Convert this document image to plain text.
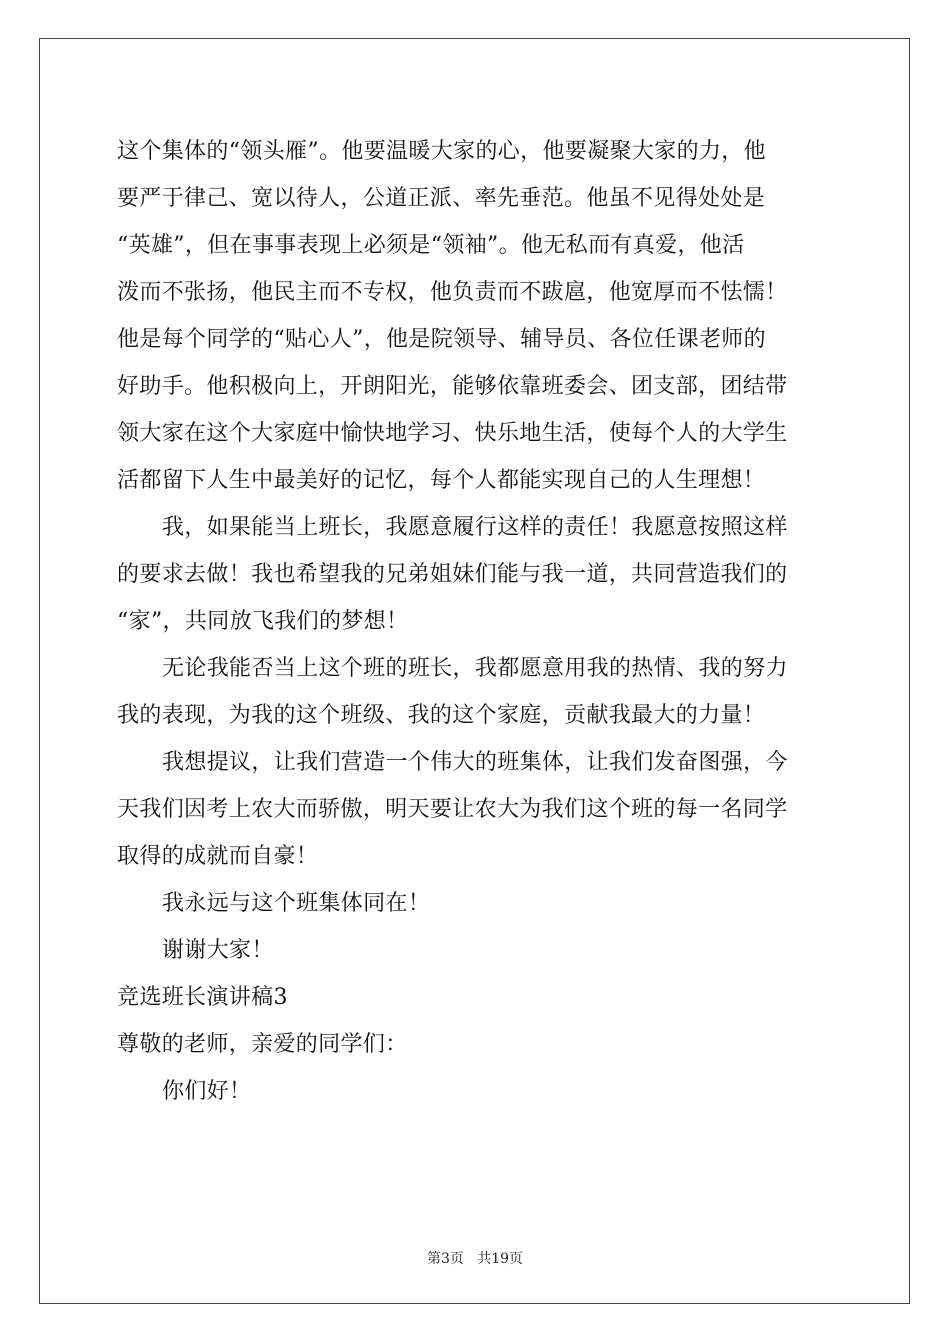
这个集体的“领头雁”。他要温暖大家的心，他要凝聚大家的力，他
要严于律己、宽以待人，公道正派、率先垂范。他虽不见得处处是
“英雄”，但在事事表现上必须是“领袖”。他无私而有真爱，他活
泼而不张扬，他民主而不专权，他负责而不跋扈，他宽厚而不怯懦！
他是每个同学的“贴心人”，他是院领导、辅导员、各位任课老师的
好助手。他积极向上，开朗阳光，能够依靠班委会、团支部，团结带
领大家在这个大家庭中愉快地学习、快乐地生活，使每个人的大学生
活都留下人生中最美好的记忆，每个人都能实现自己的人生理想！
我，如果能当上班长，我愿意履行这样的责任！我愿意按照这样
的要求去做！我也希望我的兄弟姐妹们能与我一道，共同营造我们的
“家”，共同放飞我们的梦想！
无论我能否当上这个班的班长，我都愿意用我的热情、我的努力
我的表现，为我的这个班级、我的这个家庭，贡献我最大的力量！
我想提议，让我们营造一个伟大的班集体，让我们发奋图强，今
天我们因考上农大而骄傲，明天要让农大为我们这个班的每一名同学
取得的成就而自豪！
我永远与这个班集体同在！
谢谢大家！
竞选班长演讲稿3
尊敬的老师，亲爱的同学们：
你们好！
第3页   共19页
